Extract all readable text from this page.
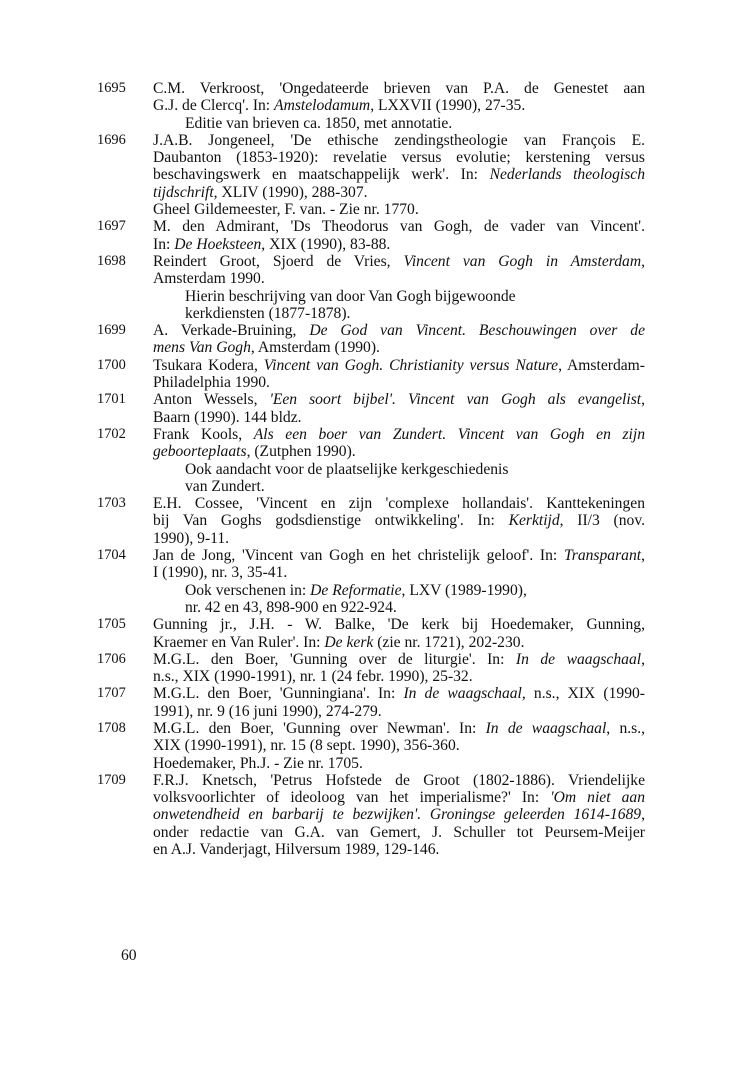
1695	C.M. Verkroost, 'Ongedateerde brieven van P.A. de Genestet aan
G.J. de Clercq'. In: Amstelodamum, LXXVII (1990), 27-35.
Editie van brieven ca. 1850, met annotatie.
1696	J.A.B. Jongeneel, 'De ethische zendingstheologie van François E.
Daubanton (1853-1920): revelatie versus evolutie; kerstening versus
beschavingswerk en maatschappelijk werk'. In: Nederlands theologisch
tijdschrift, XLIV (1990), 288-307.
Gheel Gildemeester, F. van. - Zie nr. 1770.
1697	M. den Admirant, 'Ds Theodorus van Gogh, de vader van Vincent'.
In: De Hoeksteen, XIX (1990), 83-88.
1698	Reindert Groot, Sjoerd de Vries, Vincent van Gogh in Amsterdam,
Amsterdam 1990.
Hierin beschrijving van door Van Gogh bijgewoonde
kerkdiensten (1877-1878).
1699	A. Verkade-Bruining, De God van Vincent. Beschouwingen over de
mens Van Gogh, Amsterdam (1990).
1700	Tsukara Kodera, Vincent van Gogh. Christianity versus Nature, Amsterdam-
Philadelphia 1990.
1701	Anton Wessels, 'Een soort bijbel'. Vincent van Gogh als evangelist,
Baarn (1990). 144 bldz.
1702	Frank Kools, Als een boer van Zundert. Vincent van Gogh en zijn
geboorteplaats, (Zutphen 1990).
Ook aandacht voor de plaatselijke kerkgeschiedenis
van Zundert.
1703	E.H. Cossee, 'Vincent en zijn 'complexe hollandais'. Kanttekeningen
bij Van Goghs godsdienstige ontwikkeling'. In: Kerktijd, II/3 (nov.
1990), 9-11.
1704	Jan de Jong, 'Vincent van Gogh en het christelijk geloof'. In: Transparant,
I (1990), nr. 3, 35-41.
Ook verschenen in: De Reformatie, LXV (1989-1990),
nr. 42 en 43, 898-900 en 922-924.
1705	Gunning jr., J.H. - W. Balke, 'De kerk bij Hoedemaker, Gunning,
Kraemer en Van Ruler'. In: De kerk (zie nr. 1721), 202-230.
1706	M.G.L. den Boer, 'Gunning over de liturgie'. In: In de waagschaal,
n.s., XIX (1990-1991), nr. 1 (24 febr. 1990), 25-32.
1707	M.G.L. den Boer, 'Gunningiana'. In: In de waagschaal, n.s., XIX (1990-
1991), nr. 9 (16 juni 1990), 274-279.
1708	M.G.L. den Boer, 'Gunning over Newman'. In: In de waagschaal, n.s.,
XIX (1990-1991), nr. 15 (8 sept. 1990), 356-360.
Hoedemaker, Ph.J. - Zie nr. 1705.
1709	F.R.J. Knetsch, 'Petrus Hofstede de Groot (1802-1886). Vriendelijke
volksvoorlichter of ideoloog van het imperialisme?' In: 'Om niet aan
onwetendheid en barbarij te bezwijken'. Groningse geleerden 1614-1689,
onder redactie van G.A. van Gemert, J. Schuller tot Peursem-Meijer
en A.J. Vanderjagt, Hilversum 1989, 129-146.
60
